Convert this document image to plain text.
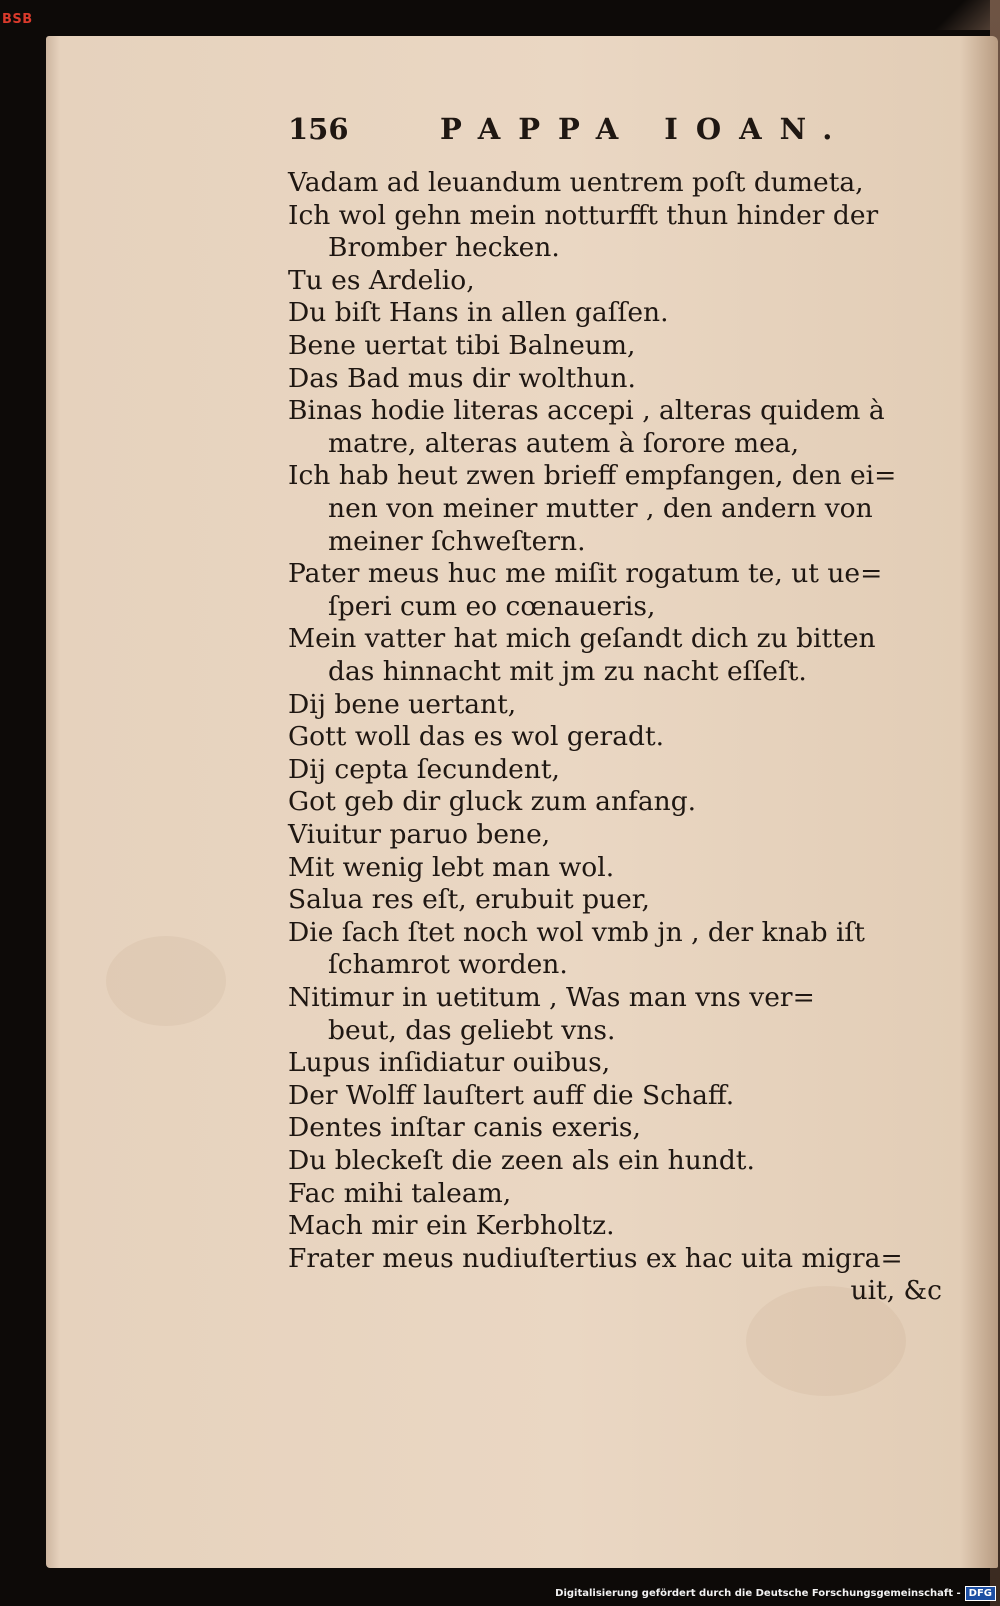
BSB
156	PAPPA IOAN.
Vadam ad leuandum uentrem poſt dumeta,
Ich wol gehn mein notturfft thun hinder der
Bromber hecken.
Tu es Ardelio,
Du biſt Hans in allen gaſſen.
Bene uertat tibi Balneum,
Das Bad mus dir wolthun.
Binas hodie literas accepi , alteras quidem à
matre, alteras autem à ſorore mea,
Ich hab heut zwen brieff empfangen, den ei=
nen von meiner mutter , den andern von
meiner ſchweſtern.
Pater meus huc me miſit rogatum te, ut ue=
ſperi cum eo cœnaueris,
Mein vatter hat mich geſandt dich zu bitten
das hinnacht mit jm zu nacht eſſeſt.
Dij bene uertant,
Gott woll das es wol geradt.
Dij cepta ſecundent,
Got geb dir gluck zum anfang.
Viuitur paruo bene,
Mit wenig lebt man wol.
Salua res eſt, erubuit puer,
Die ſach ſtet noch wol vmb jn , der knab iſt
ſchamrot worden.
Nitimur in uetitum , Was man vns ver=
beut, das geliebt vns.
Lupus inſidiatur ouibus,
Der Wolff lauſtert auff die Schaff.
Dentes inſtar canis exeris,
Du bleckeſt die zeen als ein hundt.
Fac mihi taleam,
Mach mir ein Kerbholtz.
Frater meus nudiuſtertius ex hac uita migra=
uit, &c
Digitalisierung gefördert durch die Deutsche Forschungsgemeinschaft - DFG
